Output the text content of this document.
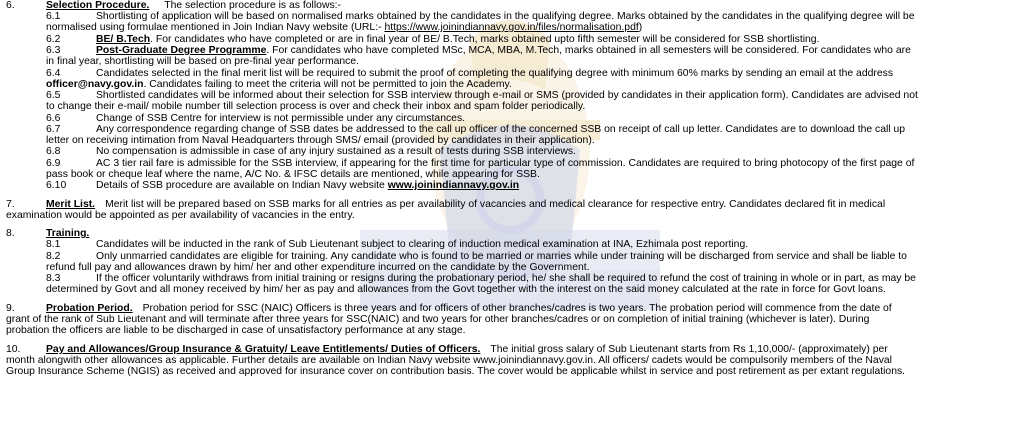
6.	Selection Procedure. The selection procedure is as follows:-
6.1	Shortlisting of application will be based on normalised marks obtained by the candidates in the qualifying degree. Marks obtained by the candidates in the qualifying degree will be
normalised using formulae mentioned in Join Indian Navy website (URL:- https://www.joinindiannavy.gov.in/files/normalisation.pdf)
6.2	BE/ B.Tech. For candidates who have completed or are in final year of BE/ B.Tech, marks obtained upto fifth semester will be considered for SSB shortlisting.
6.3	Post-Graduate Degree Programme. For candidates who have completed MSc, MCA, MBA, M.Tech, marks obtained in all semesters will be considered. For candidates who are
in final year, shortlisting will be based on pre-final year performance.
6.4	Candidates selected in the final merit list will be required to submit the proof of completing the qualifying degree with minimum 60% marks by sending an email at the address
officer@navy.gov.in. Candidates failing to meet the criteria will not be permitted to join the Academy.
6.5	Shortlisted candidates will be informed about their selection for SSB interview through e-mail or SMS (provided by candidates in their application form). Candidates are advised not
to change their e-mail/ mobile number till selection process is over and check their inbox and spam folder periodically.
6.6	Change of SSB Centre for interview is not permissible under any circumstances.
6.7	Any correspondence regarding change of SSB dates be addressed to the call up officer of the concerned SSB on receipt of call up letter. Candidates are to download the call up
letter on receiving intimation from Naval Headquarters through SMS/ email (provided by candidates in their application).
6.8	No compensation is admissible in case of any injury sustained as a result of tests during SSB interviews.
6.9	AC 3 tier rail fare is admissible for the SSB interview, if appearing for the first time for particular type of commission. Candidates are required to bring photocopy of the first page of
pass book or cheque leaf where the name, A/C No. & IFSC details are mentioned, while appearing for SSB.
6.10	Details of SSB procedure are available on Indian Navy website www.joinindiannavy.gov.in
7.	Merit List. Merit list will be prepared based on SSB marks for all entries as per availability of vacancies and medical clearance for respective entry. Candidates declared fit in medical
examination would be appointed as per availability of vacancies in the entry.
8.	Training.
8.1	Candidates will be inducted in the rank of Sub Lieutenant subject to clearing of induction medical examination at INA, Ezhimala post reporting.
8.2	Only unmarried candidates are eligible for training. Any candidate who is found to be married or marries while under training will be discharged from service and shall be liable to
refund full pay and allowances drawn by him/ her and other expenditure incurred on the candidate by the Government.
8.3	If the officer voluntarily withdraws from initial training or resigns during the probationary period, he/ she shall be required to refund the cost of training in whole or in part, as may be
determined by Govt and all money received by him/ her as pay and allowances from the Govt together with the interest on the said money calculated at the rate in force for Govt loans.
9.	Probation Period. Probation period for SSC (NAIC) Officers is three years and for officers of other branches/cadres is two years. The probation period will commence from the date of
grant of the rank of Sub Lieutenant and will terminate after three years for SSC(NAIC) and two years for other branches/cadres or on completion of initial training (whichever is later). During
probation the officers are liable to be discharged in case of unsatisfactory performance at any stage.
10. Pay and Allowances/Group Insurance & Gratuity/ Leave Entitlements/ Duties of Officers. The initial gross salary of Sub Lieutenant starts from Rs 1,10,000/- (approximately) per
month alongwith other allowances as applicable. Further details are available on Indian Navy website www.joinindiannavy.gov.in. All officers/ cadets would be compulsorily members of the Naval
Group Insurance Scheme (NGIS) as received and approved for insurance cover on contribution basis. The cover would be applicable whilst in service and post retirement as per extant regulations.
